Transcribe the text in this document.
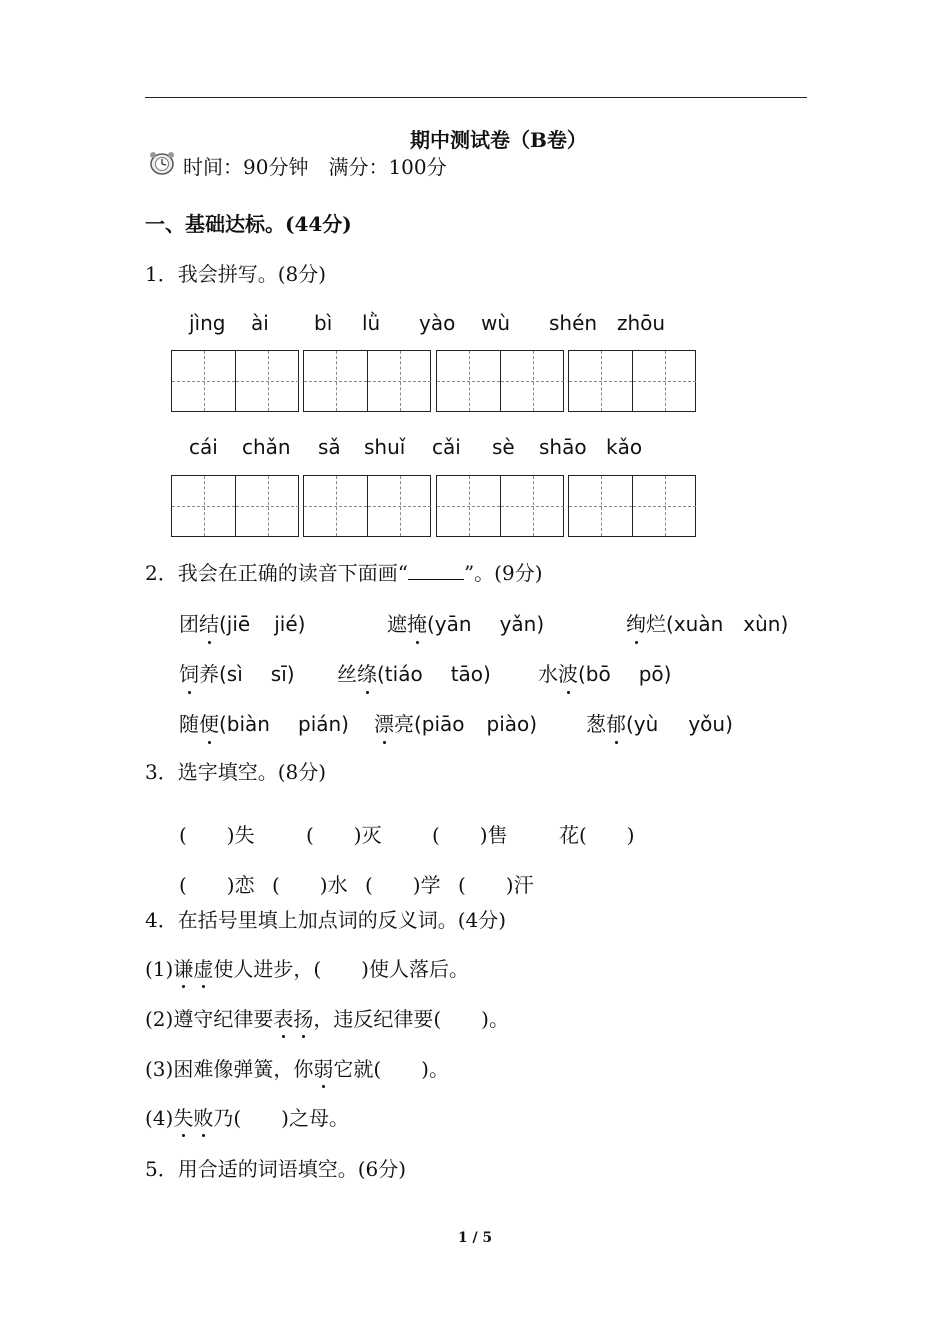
期中测试卷（B卷）
时间：90分钟　满分：100分
一、基础达标。(44分)
1．我会拼写。(8分)
jìng ài bì lǜ yào wù shén zhōu
cái chǎn sǎ shuǐ cǎi sè shāo kǎo
2．我会在正确的读音下面画“	”。(9分)
团结(jiē jié)	遮掩(yān yǎn)	绚烂(xuàn xùn)
饲养(sì sī) 丝绦(tiáo tāo) 水波(bō pō)
随便(biàn pián) 漂亮(piāo piào) 葱郁(yù yǒu)
3．选字填空。(8分)
(　　)失	(　　)灭	(　　)售	花(　　)
(　　)恋 (　　)水 (　　)学 (　　)汗
4．在括号里填上加点词的反义词。(4分)
(1)谦虚使人进步，(　　)使人落后。
(2)遵守纪律要表扬，违反纪律要(　　)。
(3)困难像弹簧，你弱它就(　　)。
(4)失败乃(　　)之母。
5．用合适的词语填空。(6分)
1 / 5
